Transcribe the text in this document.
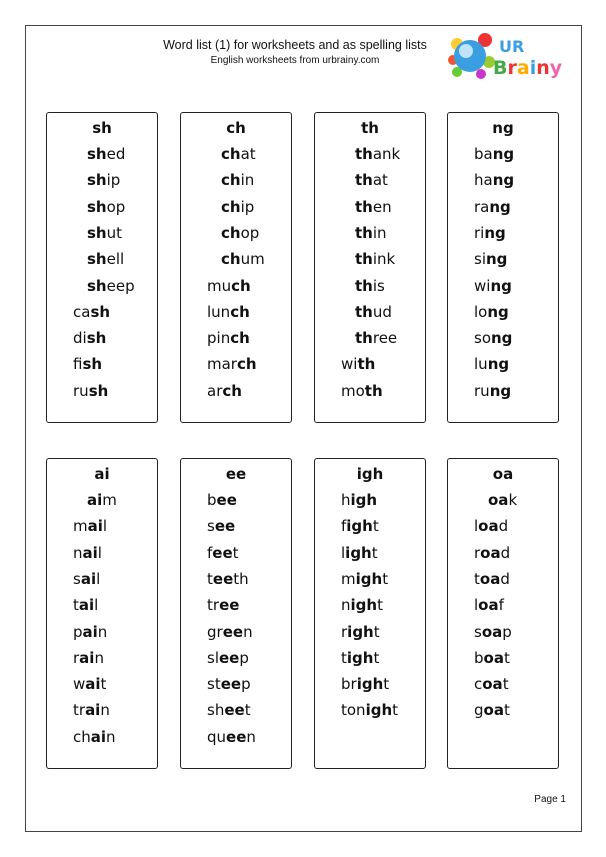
Word list (1) for worksheets and as spelling lists
English worksheets from urbrainy.com
UR
Brainy
sh
shed
ship
shop
shut
shell
sheep
cash
dish
fish
rush
ch
chat
chin
chip
chop
chum
much
lunch
pinch
march
arch
th
thank
that
then
thin
think
this
thud
three
with
moth
ng
bang
hang
rang
ring
sing
wing
long
song
lung
rung
ai
aim
mail
nail
sail
tail
pain
rain
wait
train
chain
ee
bee
see
feet
teeth
tree
green
sleep
steep
sheet
queen
igh
high
fight
light
might
night
right
tight
bright
tonight
oa
oak
load
road
toad
loaf
soap
boat
coat
goat
Page 1
